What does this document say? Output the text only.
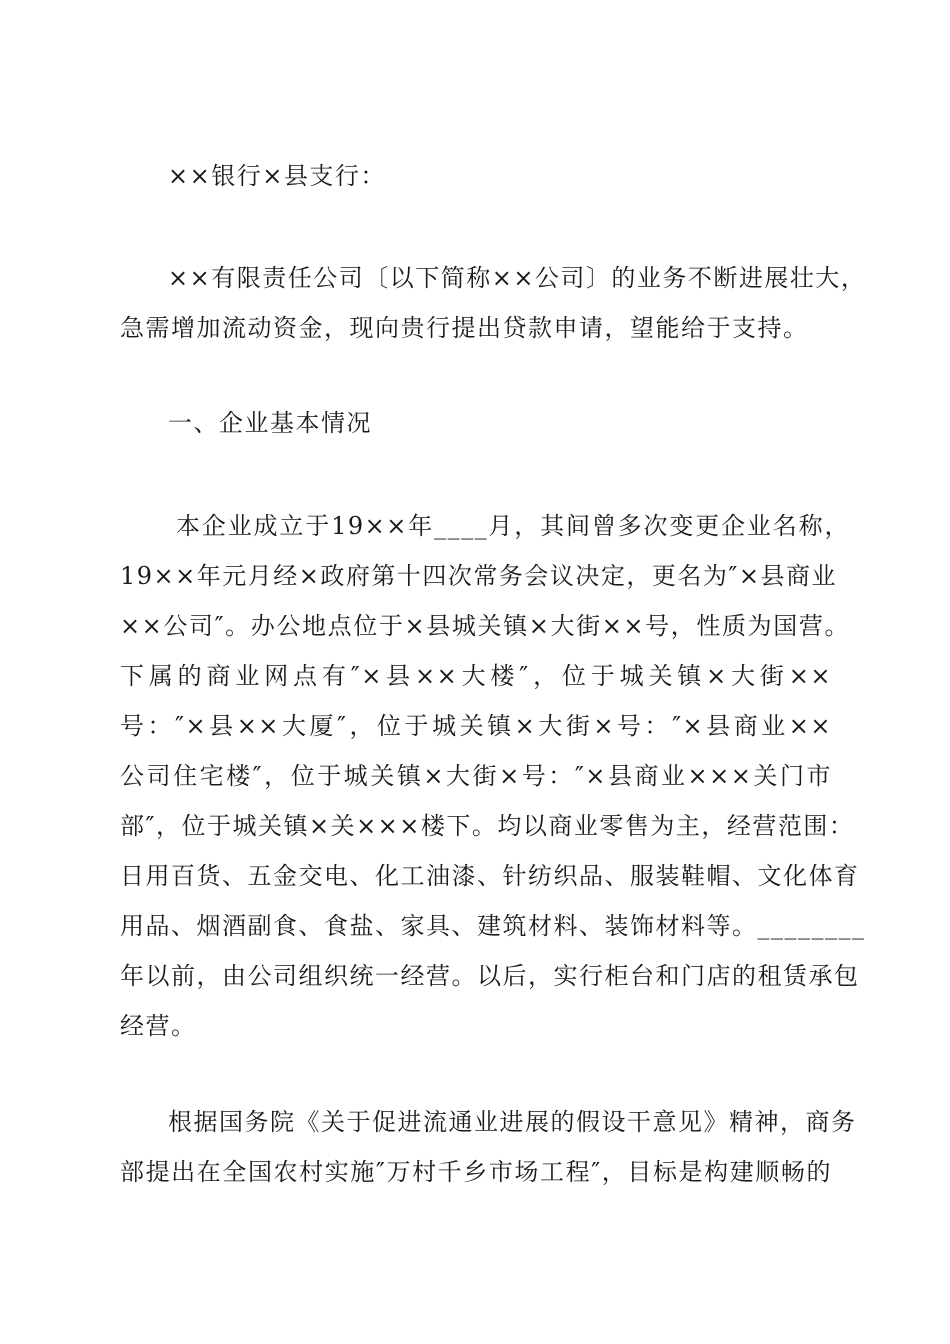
××银行×县支行：
××有限责任公司〔以下简称××公司〕的业务不断进展壮大，
急需增加流动资金，现向贵行提出贷款申请，望能给于支持。
一、企业基本情况
本企业成立于19××年____月，其间曾多次变更企业名称，
19××年元月经×政府第十四次常务会议决定，更名为″×县商业
××公司″。办公地点位于×县城关镇×大街××号，性质为国营。
下属的商业网点有″×县××大楼″，位于城关镇×大街××
号：″×县××大厦″，位于城关镇×大街×号：″×县商业××
公司住宅楼″，位于城关镇×大街×号：″×县商业×××关门市
部″，位于城关镇×关×××楼下。均以商业零售为主，经营范围：
日用百货、五金交电、化工油漆、针纺织品、服装鞋帽、文化体育
用品、烟酒副食、食盐、家具、建筑材料、装饰材料等。________
年以前，由公司组织统一经营。以后，实行柜台和门店的租赁承包
经营。
根据国务院《关于促进流通业进展的假设干意见》精神，商务
部提出在全国农村实施″万村千乡市场工程″，目标是构建顺畅的
